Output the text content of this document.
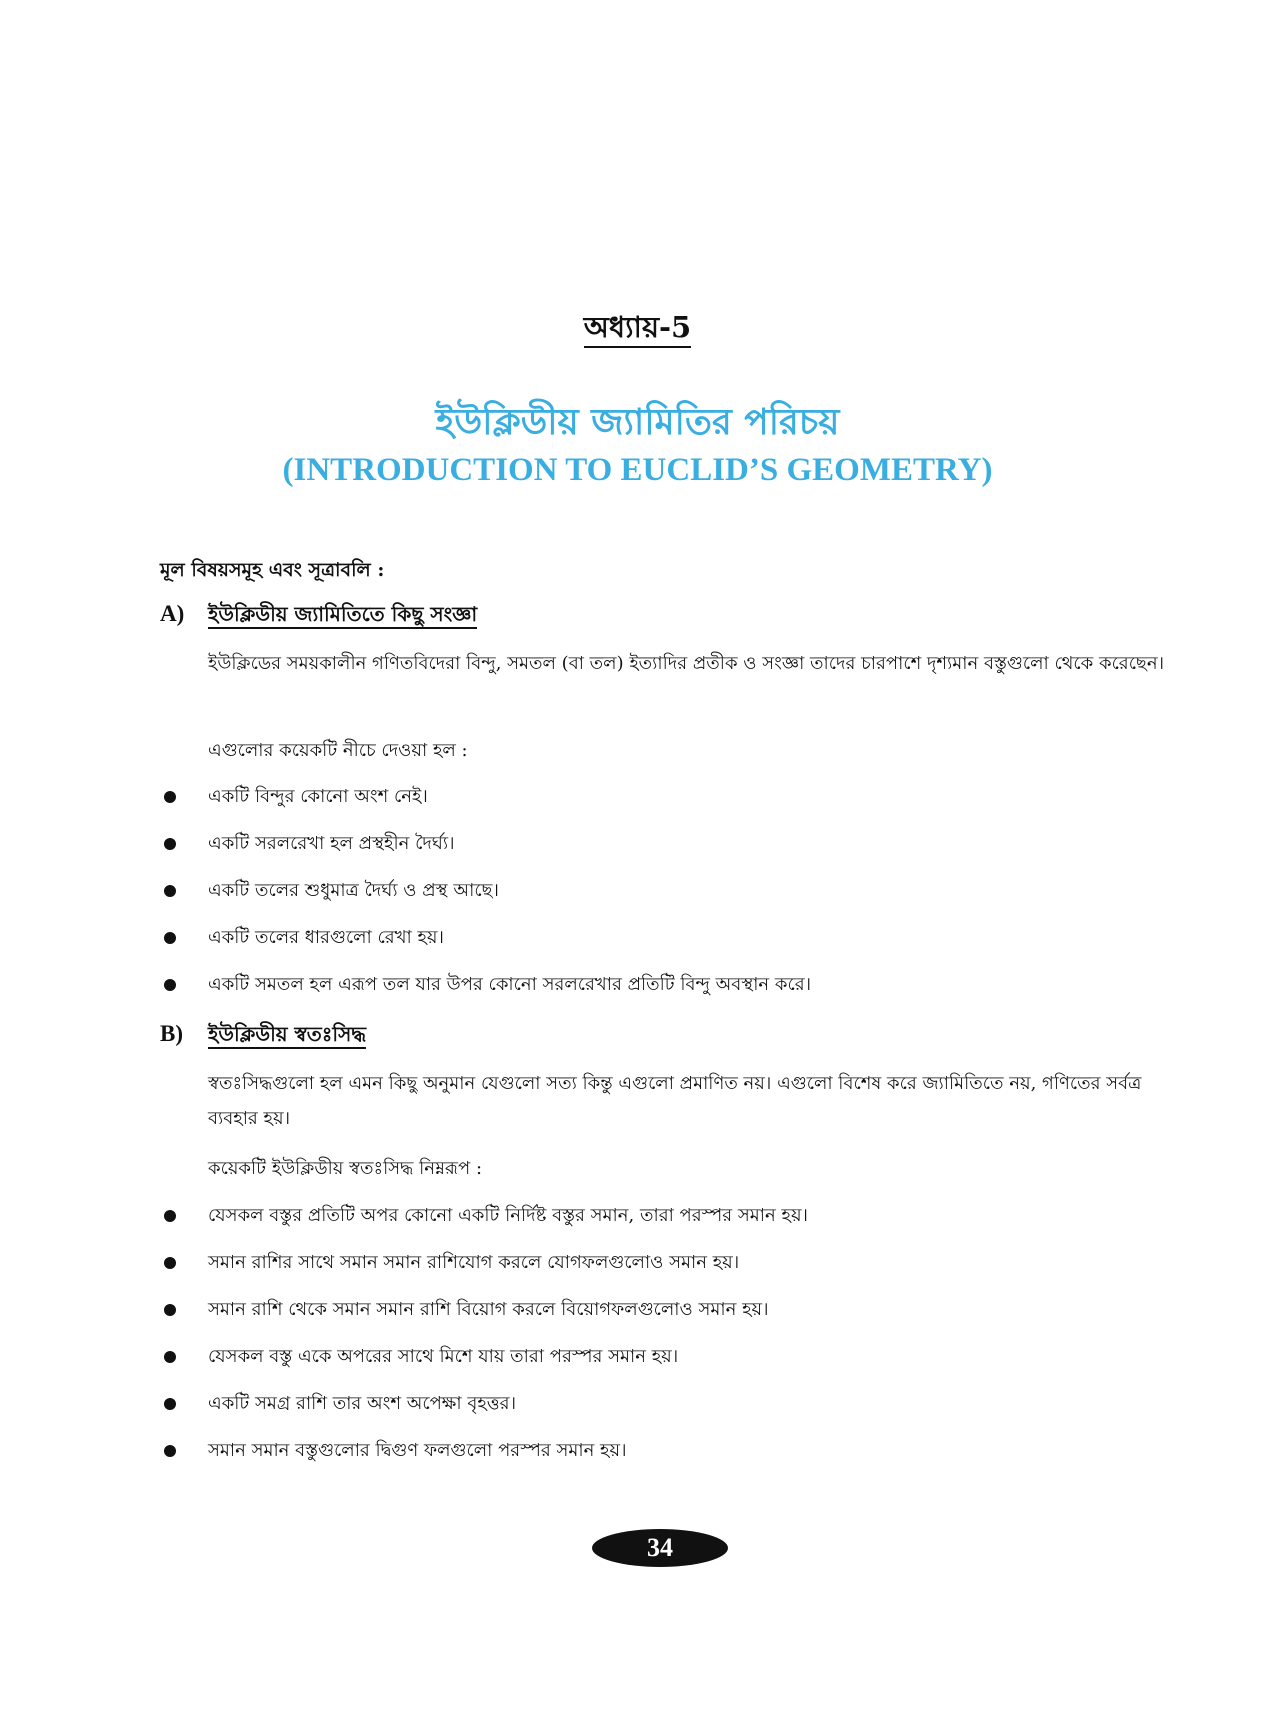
অধ্যায়-5
ইউক্লিডীয় জ্যামিতির পরিচয়
(INTRODUCTION TO EUCLID’S GEOMETRY)
মূল বিষয়সমূহ এবং সূত্রাবলি :
A) ইউক্লিডীয় জ্যামিতিতে কিছু সংজ্ঞা
ইউক্লিডের সময়কালীন গণিতবিদেরা বিন্দু, সমতল (বা তল) ইত্যাদির প্রতীক ও সংজ্ঞা তাদের চারপাশে দৃশ্যমান বস্তুগুলো থেকে করেছেন।
এগুলোর কয়েকটি নীচে দেওয়া হল :
একটি বিন্দুর কোনো অংশ নেই।
একটি সরলরেখা হল প্রস্থহীন দৈর্ঘ্য।
একটি তলের শুধুমাত্র দৈর্ঘ্য ও প্রস্থ আছে।
একটি তলের ধারগুলো রেখা হয়।
একটি সমতল হল এরূপ তল যার উপর কোনো সরলরেখার প্রতিটি বিন্দু অবস্থান করে।
B) ইউক্লিডীয় স্বতঃসিদ্ধ
স্বতঃসিদ্ধগুলো হল এমন কিছু অনুমান যেগুলো সত্য কিন্তু এগুলো প্রমাণিত নয়। এগুলো বিশেষ করে জ্যামিতিতে নয়, গণিতের সর্বত্র ব্যবহার হয়।
কয়েকটি ইউক্লিডীয় স্বতঃসিদ্ধ নিম্নরূপ :
যেসকল বস্তুর প্রতিটি অপর কোনো একটি নির্দিষ্ট বস্তুর সমান, তারা পরস্পর সমান হয়।
সমান রাশির সাথে সমান সমান রাশিযোগ করলে যোগফলগুলোও সমান হয়।
সমান রাশি থেকে সমান সমান রাশি বিয়োগ করলে বিয়োগফলগুলোও সমান হয়।
যেসকল বস্তু একে অপরের সাথে মিশে যায় তারা পরস্পর সমান হয়।
একটি সমগ্র রাশি তার অংশ অপেক্ষা বৃহত্তর।
সমান সমান বস্তুগুলোর দ্বিগুণ ফলগুলো পরস্পর সমান হয়।
34
